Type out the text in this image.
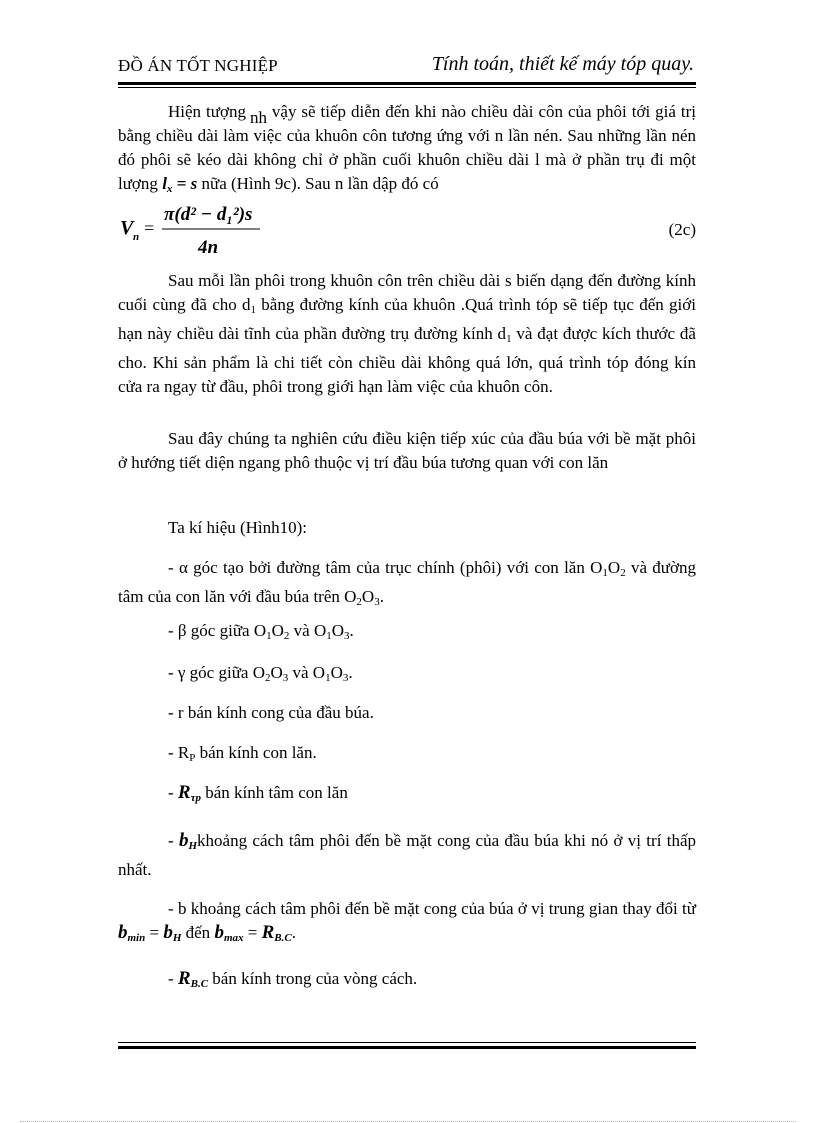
ĐỒ ÁN TỐT NGHIỆP	Tính toán, thiết kế máy tóp quay.

Hiện tượng nh vậy sẽ tiếp diễn đến khi nào chiều dài côn của phôi tới giá trị bằng chiều dài làm việc của khuôn côn tương ứng với n lần nén. Sau những lần nén đó phôi sẽ kéo dài không chỉ ở phần cuối khuôn chiều dài l mà ở phần trụ đi một lượng $l_x = s$ nữa (Hình 9c). Sau n lần dập đó có

V n =
π(d² − d₁²)s
4n
(2c)

Sau mỗi lần phôi trong khuôn côn trên chiều dài s biến dạng đến đường kính cuối cùng đã cho $d_1$ bằng đường kính của khuôn .Quá trình tóp sẽ tiếp tục đến giới hạn này chiều dài tĩnh của phần đường trụ đường kính $d_1$ và đạt được kích thước đã cho. Khi sản phẩm là chi tiết còn chiều dài không quá lớn, quá trình tóp đóng kín cửa ra ngay từ đầu, phôi trong giới hạn làm việc của khuôn côn.

Sau đây chúng ta nghiên cứu điều kiện tiếp xúc của đầu búa với bề mặt phôi ở hướng tiết diện ngang phô thuộc vị trí đầu búa tương quan với con lăn

Ta kí hiệu (Hình10):

- α góc tạo bởi đường tâm của trục chính (phôi) với con lăn $O_1O_2$ và đường tâm của con lăn với đầu búa trên $O_2O_3$.

- β góc giữa $O_1O_2$ và $O_1O_3$.
- γ góc giữa $O_2O_3$ và $O_1O_3$.
- r bán kính cong của đầu búa.
- $R_P$ bán kính con lăn.
- $R_{\tau p}$ bán kính tâm con lăn

- $b_Hkhoảng$ cách tâm phôi đến bề mặt cong của đầu búa khi nó ở vị trí thấp nhất.

- b khoảng cách tâm phôi đến bề mặt cong của búa ở vị trung gian thay đổi từ $b_{min} = b_H$ đến $b_{max} = R_{B.C}$.

- $R_{B.C}$ bán kính trong của vòng cách.
